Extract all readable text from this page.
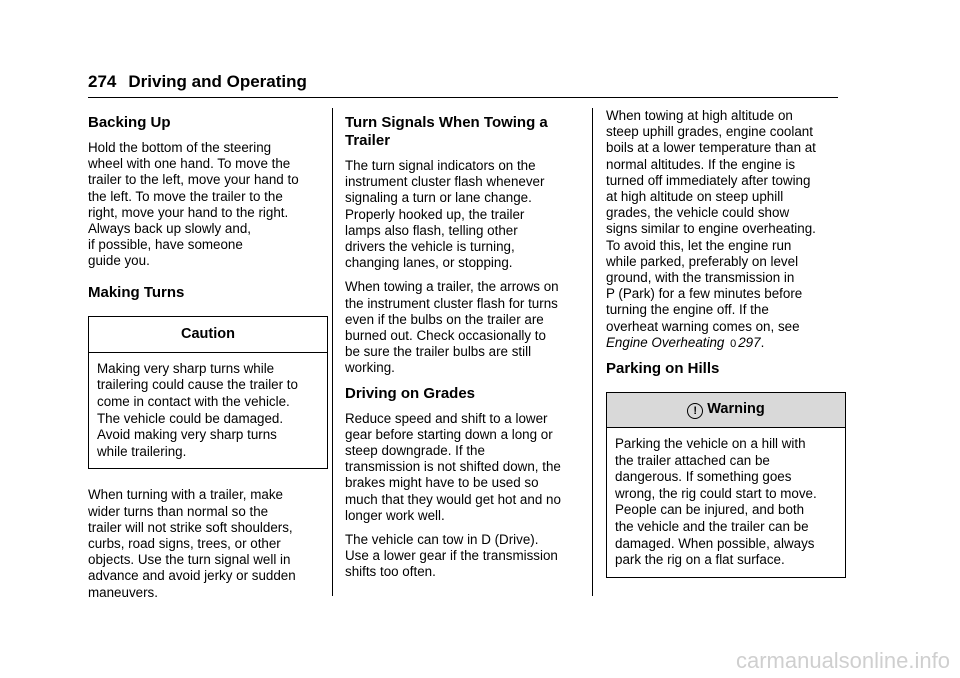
274 Driving and Operating
Backing Up

Hold the bottom of the steering
wheel with one hand. To move the
trailer to the left, move your hand to
the left. To move the trailer to the
right, move your hand to the right.
Always back up slowly and,
if possible, have someone
guide you.

Making Turns
Caution
Making very sharp turns while
trailering could cause the trailer to
come in contact with the vehicle.
The vehicle could be damaged.
Avoid making very sharp turns
while trailering.

When turning with a trailer, make
wider turns than normal so the
trailer will not strike soft shoulders,
curbs, road signs, trees, or other
objects. Use the turn signal well in
advance and avoid jerky or sudden
maneuvers.

Turn Signals When Towing a
Trailer

The turn signal indicators on the
instrument cluster flash whenever
signaling a turn or lane change.
Properly hooked up, the trailer
lamps also flash, telling other
drivers the vehicle is turning,
changing lanes, or stopping.

When towing a trailer, the arrows on
the instrument cluster flash for turns
even if the bulbs on the trailer are
burned out. Check occasionally to
be sure the trailer bulbs are still
working.

Driving on Grades

Reduce speed and shift to a lower
gear before starting down a long or
steep downgrade. If the
transmission is not shifted down, the
brakes might have to be used so
much that they would get hot and no
longer work well.

The vehicle can tow in D (Drive).
Use a lower gear if the transmission
shifts too often.

When towing at high altitude on
steep uphill grades, engine coolant
boils at a lower temperature than at
normal altitudes. If the engine is
turned off immediately after towing
at high altitude on steep uphill
grades, the vehicle could show
signs similar to engine overheating.
To avoid this, let the engine run
while parked, preferably on level
ground, with the transmission in
P (Park) for a few minutes before
turning the engine off. If the
overheat warning comes on, see
Engine Overheating 0 297.

Parking on Hills
! Warning
Parking the vehicle on a hill with
the trailer attached can be
dangerous. If something goes
wrong, the rig could start to move.
People can be injured, and both
the vehicle and the trailer can be
damaged. When possible, always
park the rig on a flat surface.
carmanualsonline.info
